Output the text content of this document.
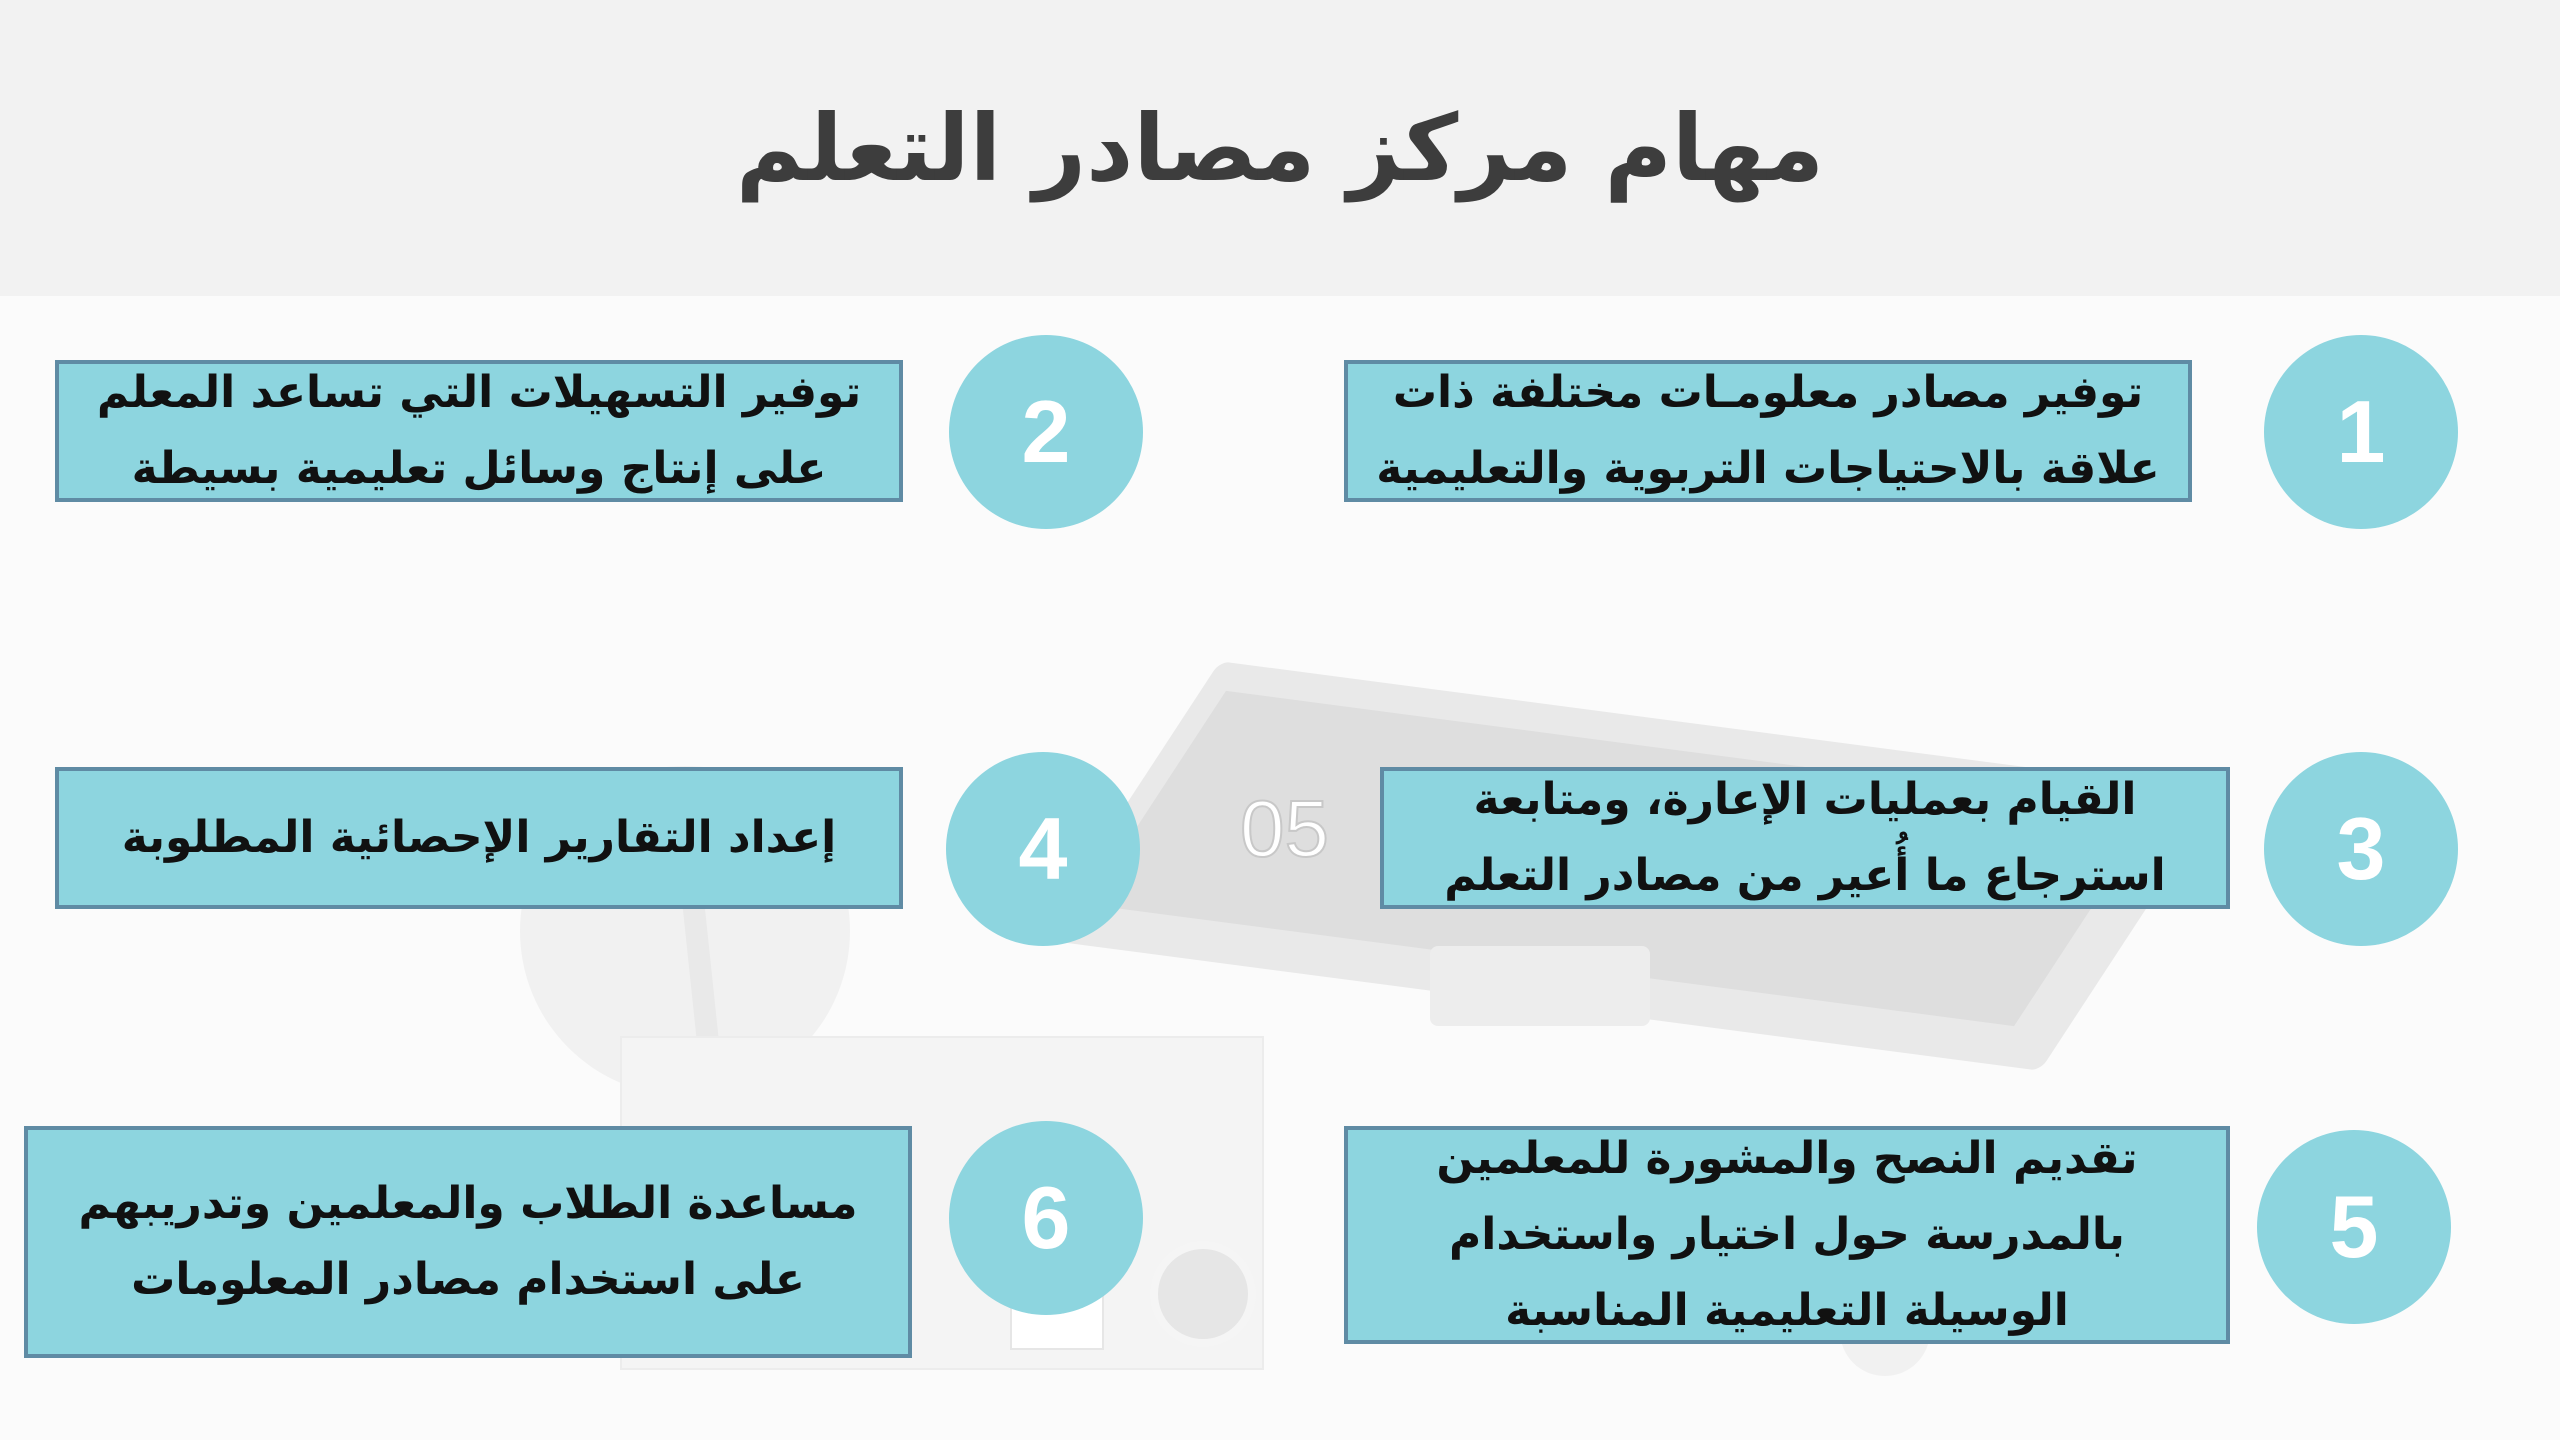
مهام مركز مصادر التعلم
05
1
توفير مصادر معلومـات مختلفة ذات علاقة بالاحتياجات التربوية والتعليمية
2
توفير التسهيلات التي تساعد المعلم على إنتاج وسائل تعليمية بسيطة
3
القيام بعمليات الإعارة، ومتابعة استرجاع ما أُعير من مصادر التعلم
4
إعداد التقارير الإحصائية المطلوبة
5
تقديم النصح والمشورة للمعلمين بالمدرسة حول اختيار واستخدام الوسيلة التعليمية المناسبة
6
مساعدة الطلاب والمعلمين وتدريبهم على استخدام مصادر المعلومات
